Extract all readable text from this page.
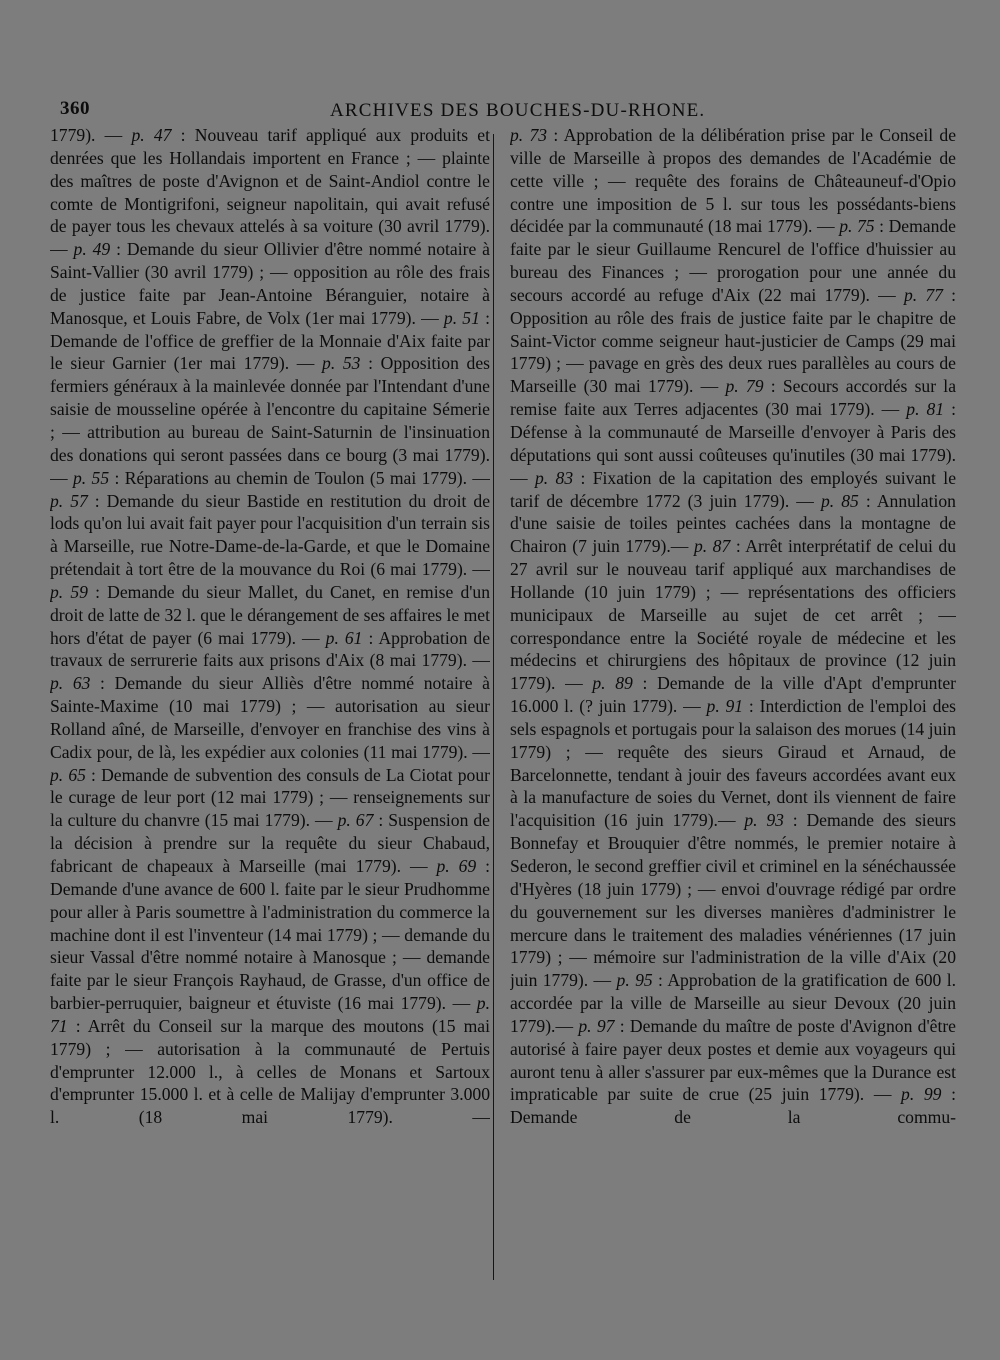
360	ARCHIVES DES BOUCHES-DU-RHONE.

1779). — p. 47 : Nouveau tarif appliqué aux produits et denrées que les Hollandais importent en France ; — plainte des maîtres de poste d'Avignon et de Saint-Andiol contre le comte de Montigrifoni, seigneur napolitain, qui avait refusé de payer tous les chevaux attelés à sa voiture (30 avril 1779).— p. 49 : Demande du sieur Ollivier d'être nommé notaire à Saint-Vallier (30 avril 1779) ; — opposition au rôle des frais de justice faite par Jean-Antoine Béranguier, notaire à Manosque, et Louis Fabre, de Volx (1er mai 1779). — p. 51 : Demande de l'office de greffier de la Monnaie d'Aix faite par le sieur Garnier (1er mai 1779). — p. 53 : Opposition des fermiers généraux à la mainlevée donnée par l'Intendant d'une saisie de mousseline opérée à l'encontre du capitaine Sémerie ; — attribution au bureau de Saint-Saturnin de l'insinuation des donations qui seront passées dans ce bourg (3 mai 1779). — p. 55 : Réparations au chemin de Toulon (5 mai 1779). — p. 57 : Demande du sieur Bastide en restitution du droit de lods qu'on lui avait fait payer pour l'acquisition d'un terrain sis à Marseille, rue Notre-Dame-de-la-Garde, et que le Domaine prétendait à tort être de la mouvance du Roi (6 mai 1779). — p. 59 : Demande du sieur Mallet, du Canet, en remise d'un droit de latte de 32 l. que le dérangement de ses affaires le met hors d'état de payer (6 mai 1779). — p. 61 : Approbation de travaux de serrurerie faits aux prisons d'Aix (8 mai 1779). — p. 63 : Demande du sieur Alliès d'être nommé notaire à Sainte-Maxime (10 mai 1779) ; — autorisation au sieur Rolland aîné, de Marseille, d'envoyer en franchise des vins à Cadix pour, de là, les expédier aux colonies (11 mai 1779). — p. 65 : Demande de subvention des consuls de La Ciotat pour le curage de leur port (12 mai 1779) ; — renseignements sur la culture du chanvre (15 mai 1779). — p. 67 : Suspension de la décision à prendre sur la requête du sieur Chabaud, fabricant de chapeaux à Marseille (mai 1779). — p. 69 : Demande d'une avance de 600 l. faite par le sieur Prudhomme pour aller à Paris soumettre à l'administration du commerce la machine dont il est l'inventeur (14 mai 1779) ; — demande du sieur Vassal d'être nommé notaire à Manosque ; — demande faite par le sieur François Rayhaud, de Grasse, d'un office de barbier-perruquier, baigneur et étuviste (16 mai 1779). — p. 71 : Arrêt du Conseil sur la marque des moutons (15 mai 1779) ; — autorisation à la communauté de Pertuis d'emprunter 12.000 l., à celles de Monans et Sartoux d'emprunter 15.000 l. et à celle de Malijay d'emprunter 3.000 l. (18 mai 1779). —

p. 73 : Approbation de la délibération prise par le Conseil de ville de Marseille à propos des demandes de l'Académie de cette ville ; — requête des forains de Châteauneuf-d'Opio contre une imposition de 5 l. sur tous les possédants-biens décidée par la communauté (18 mai 1779). — p. 75 : Demande faite par le sieur Guillaume Rencurel de l'office d'huissier au bureau des Finances ; — prorogation pour une année du secours accordé au refuge d'Aix (22 mai 1779). — p. 77 : Opposition au rôle des frais de justice faite par le chapitre de Saint-Victor comme seigneur haut-justicier de Camps (29 mai 1779) ; — pavage en grès des deux rues parallèles au cours de Marseille (30 mai 1779). — p. 79 : Secours accordés sur la remise faite aux Terres adjacentes (30 mai 1779). — p. 81 : Défense à la communauté de Marseille d'envoyer à Paris des députations qui sont aussi coûteuses qu'inutiles (30 mai 1779). — p. 83 : Fixation de la capitation des employés suivant le tarif de décembre 1772 (3 juin 1779). — p. 85 : Annulation d'une saisie de toiles peintes cachées dans la montagne de Chairon (7 juin 1779).— p. 87 : Arrêt interprétatif de celui du 27 avril sur le nouveau tarif appliqué aux marchandises de Hollande (10 juin 1779) ; — représentations des officiers municipaux de Marseille au sujet de cet arrêt ; — correspondance entre la Société royale de médecine et les médecins et chirurgiens des hôpitaux de province (12 juin 1779). — p. 89 : Demande de la ville d'Apt d'emprunter 16.000 l. (? juin 1779). — p. 91 : Interdiction de l'emploi des sels espagnols et portugais pour la salaison des morues (14 juin 1779) ; — requête des sieurs Giraud et Arnaud, de Barcelonnette, tendant à jouir des faveurs accordées avant eux à la manufacture de soies du Vernet, dont ils viennent de faire l'acquisition (16 juin 1779).— p. 93 : Demande des sieurs Bonnefay et Brouquier d'être nommés, le premier notaire à Sederon, le second greffier civil et criminel en la sénéchaussée d'Hyères (18 juin 1779) ; — envoi d'ouvrage rédigé par ordre du gouvernement sur les diverses manières d'administrer le mercure dans le traitement des maladies vénériennes (17 juin 1779) ; — mémoire sur l'administration de la ville d'Aix (20 juin 1779). — p. 95 : Approbation de la gratification de 600 l. accordée par la ville de Marseille au sieur Devoux (20 juin 1779).— p. 97 : Demande du maître de poste d'Avignon d'être autorisé à faire payer deux postes et demie aux voyageurs qui auront tenu à aller s'assurer par eux-mêmes que la Durance est impraticable par suite de crue (25 juin 1779). — p. 99 : Demande de la commu-
